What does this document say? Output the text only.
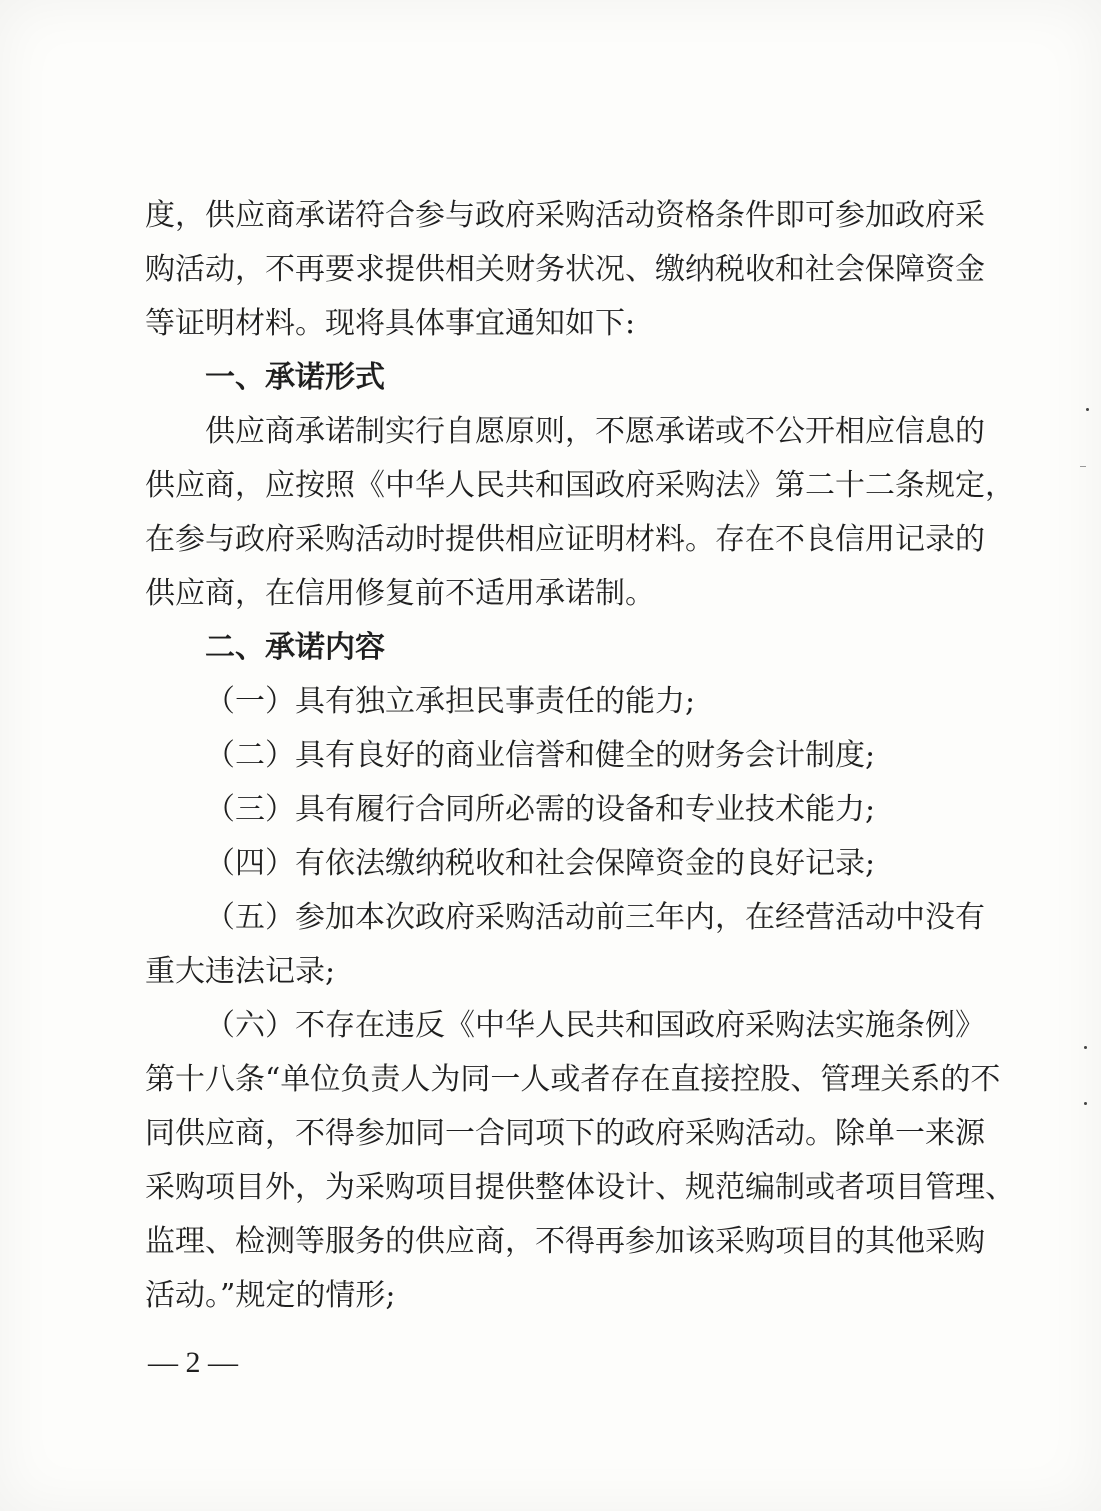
度，供应商承诺符合参与政府采购活动资格条件即可参加政府采
购活动，不再要求提供相关财务状况、缴纳税收和社会保障资金
等证明材料。现将具体事宜通知如下:
一、承诺形式
供应商承诺制实行自愿原则，不愿承诺或不公开相应信息的
供应商，应按照《中华人民共和国政府采购法》第二十二条规定，
在参与政府采购活动时提供相应证明材料。存在不良信用记录的
供应商，在信用修复前不适用承诺制。
二、承诺内容
（一）具有独立承担民事责任的能力;
（二）具有良好的商业信誉和健全的财务会计制度;
（三）具有履行合同所必需的设备和专业技术能力;
（四）有依法缴纳税收和社会保障资金的良好记录;
（五）参加本次政府采购活动前三年内，在经营活动中没有
重大违法记录;
（六）不存在违反《中华人民共和国政府采购法实施条例》
第十八条“单位负责人为同一人或者存在直接控股、管理关系的不
同供应商，不得参加同一合同项下的政府采购活动。除单一来源
采购项目外，为采购项目提供整体设计、规范编制或者项目管理、
监理、检测等服务的供应商，不得再参加该采购项目的其他采购
活动。”规定的情形;
— 2 —
